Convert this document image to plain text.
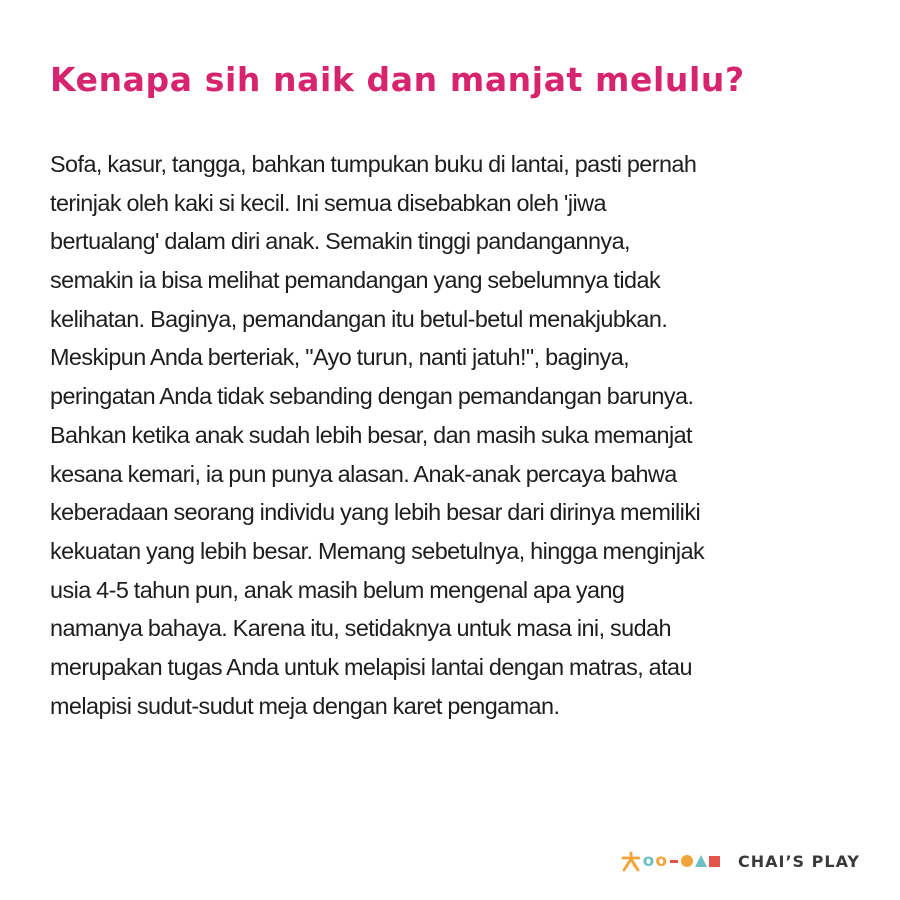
Kenapa sih naik dan manjat melulu?
Sofa, kasur, tangga, bahkan tumpukan buku di lantai, pasti pernah
terinjak oleh kaki si kecil. Ini semua disebabkan oleh 'jiwa
bertualang' dalam diri anak. Semakin tinggi pandangannya,
semakin ia bisa melihat pemandangan yang sebelumnya tidak
kelihatan. Baginya, pemandangan itu betul-betul menakjubkan.
Meskipun Anda berteriak, "Ayo turun, nanti jatuh!", baginya,
peringatan Anda tidak sebanding dengan pemandangan barunya.
Bahkan ketika anak sudah lebih besar, dan masih suka memanjat
kesana kemari, ia pun punya alasan. Anak-anak percaya bahwa
keberadaan seorang individu yang lebih besar dari dirinya memiliki
kekuatan yang lebih besar. Memang sebetulnya, hingga menginjak
usia 4-5 tahun pun, anak masih belum mengenal apa yang
namanya bahaya. Karena itu, setidaknya untuk masa ini, sudah
merupakan tugas Anda untuk melapisi lantai dengan matras, atau
melapisi sudut-sudut meja dengan karet pengaman.
o o	CHAI’S PLAY
